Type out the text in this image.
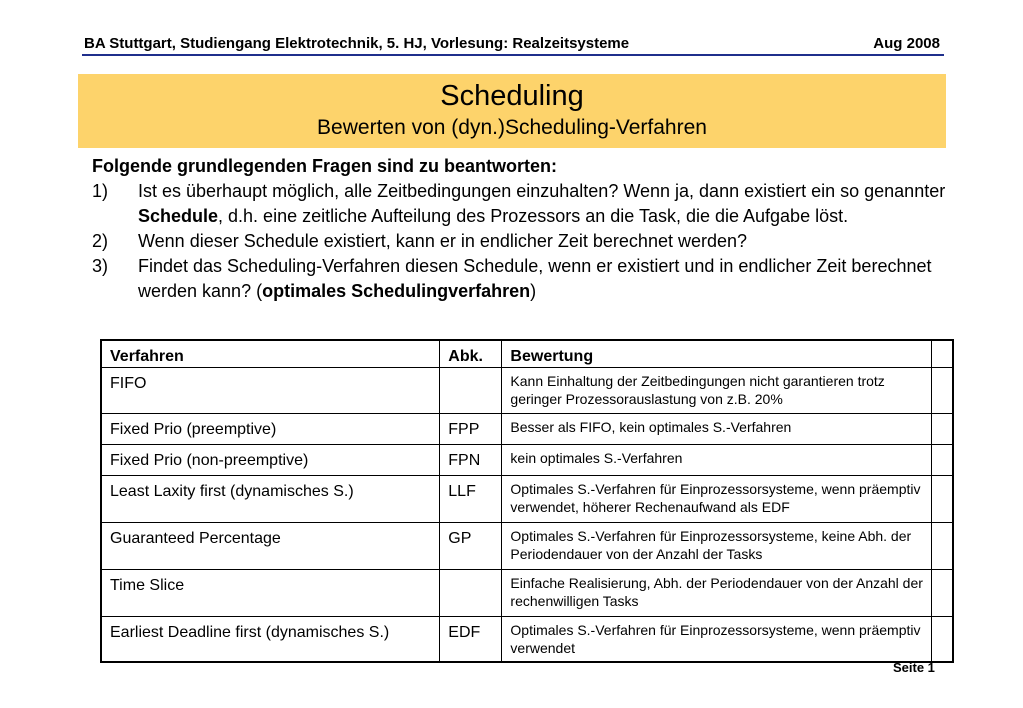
BA Stuttgart, Studiengang Elektrotechnik, 5. HJ, Vorlesung: Realzeitsysteme	Aug 2008
Scheduling
Bewerten von (dyn.)Scheduling-Verfahren

Folgende grundlegenden Fragen sind zu beantworten:

1) Ist es überhaupt möglich, alle Zeitbedingungen einzuhalten? Wenn ja, dann existiert ein so genannter Schedule, d.h. eine zeitliche Aufteilung des Prozessors an die Task, die die Aufgabe löst.
2) Wenn dieser Schedule existiert, kann er in endlicher Zeit berechnet werden?
3) Findet das Scheduling-Verfahren diesen Schedule, wenn er existiert und in endlicher Zeit berechnet werden kann? (optimales Schedulingverfahren)
Verfahren	Abk.	Bewertung	
FIFO		Kann Einhaltung der Zeitbedingungen nicht garantieren trotz geringer Prozessorauslastung von z.B. 20%	
Fixed Prio (preemptive)	FPP	Besser als FIFO, kein optimales S.-Verfahren	
Fixed Prio (non-preemptive)	FPN	kein optimales S.-Verfahren	
Least Laxity first (dynamisches S.)	LLF	Optimales S.-Verfahren für Einprozessorsysteme, wenn präemptiv verwendet, höherer Rechenaufwand als EDF	
Guaranteed Percentage	GP	Optimales S.-Verfahren für Einprozessorsysteme, keine Abh. der Periodendauer von der Anzahl der Tasks	
Time Slice		Einfache Realisierung, Abh. der Periodendauer von der Anzahl der rechenwilligen Tasks	
Earliest Deadline first (dynamisches S.)	EDF	Optimales S.-Verfahren für Einprozessorsysteme, wenn präemptiv verwendet	
Seite 1
